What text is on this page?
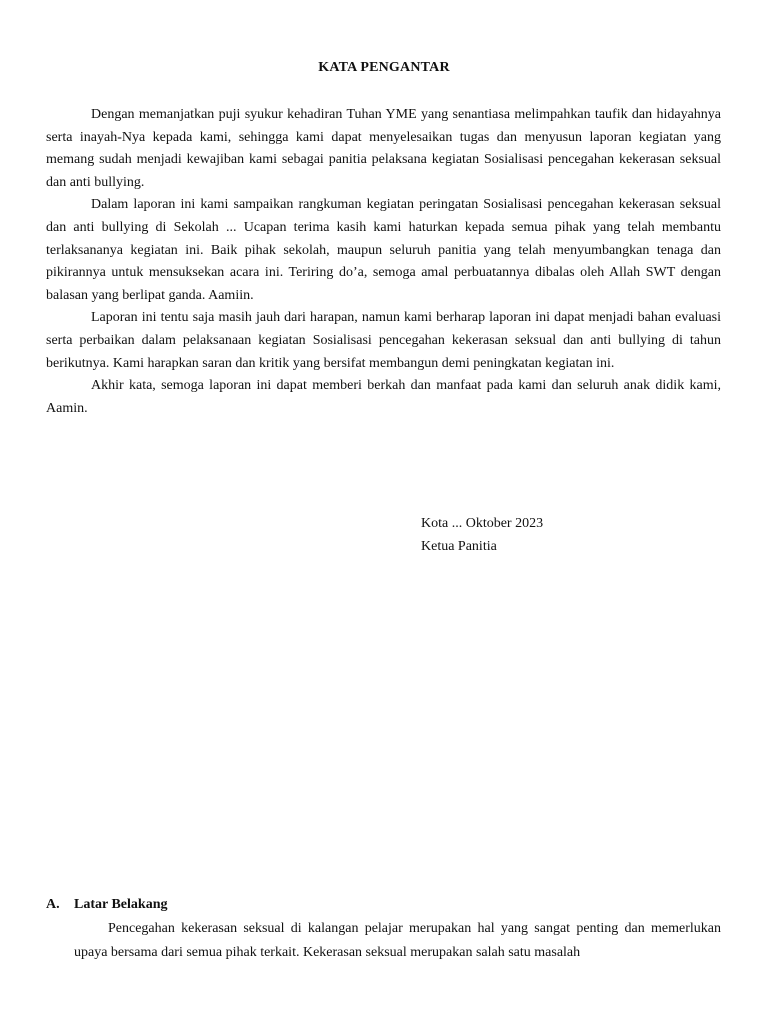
KATA PENGANTAR

Dengan memanjatkan puji syukur kehadiran Tuhan YME yang senantiasa melimpahkan taufik dan hidayahnya serta inayah-Nya kepada kami, sehingga kami dapat menyelesaikan tugas dan menyusun laporan kegiatan yang memang sudah menjadi kewajiban kami sebagai panitia pelaksana kegiatan Sosialisasi pencegahan kekerasan seksual dan anti bullying.

Dalam laporan ini kami sampaikan rangkuman kegiatan peringatan Sosialisasi pencegahan kekerasan seksual dan anti bullying di Sekolah ... Ucapan terima kasih kami haturkan kepada semua pihak yang telah membantu terlaksananya kegiatan ini. Baik pihak sekolah, maupun seluruh panitia yang telah menyumbangkan tenaga dan pikirannya untuk mensuksekan acara ini. Teriring do’a, semoga amal perbuatannya dibalas oleh Allah SWT dengan balasan yang berlipat ganda. Aamiin.

Laporan ini tentu saja masih jauh dari harapan, namun kami berharap laporan ini dapat menjadi bahan evaluasi serta perbaikan dalam pelaksanaan kegiatan Sosialisasi pencegahan kekerasan seksual dan anti bullying di tahun berikutnya. Kami harapkan saran dan kritik yang bersifat membangun demi peningkatan kegiatan ini.

Akhir kata, semoga laporan ini dapat memberi berkah dan manfaat pada kami dan seluruh anak didik kami, Aamin.

Kota ... Oktober 2023
Ketua Panitia
A. Latar Belakang

Pencegahan kekerasan seksual di kalangan pelajar merupakan hal yang sangat penting dan memerlukan upaya bersama dari semua pihak terkait. Kekerasan seksual merupakan salah satu masalah
